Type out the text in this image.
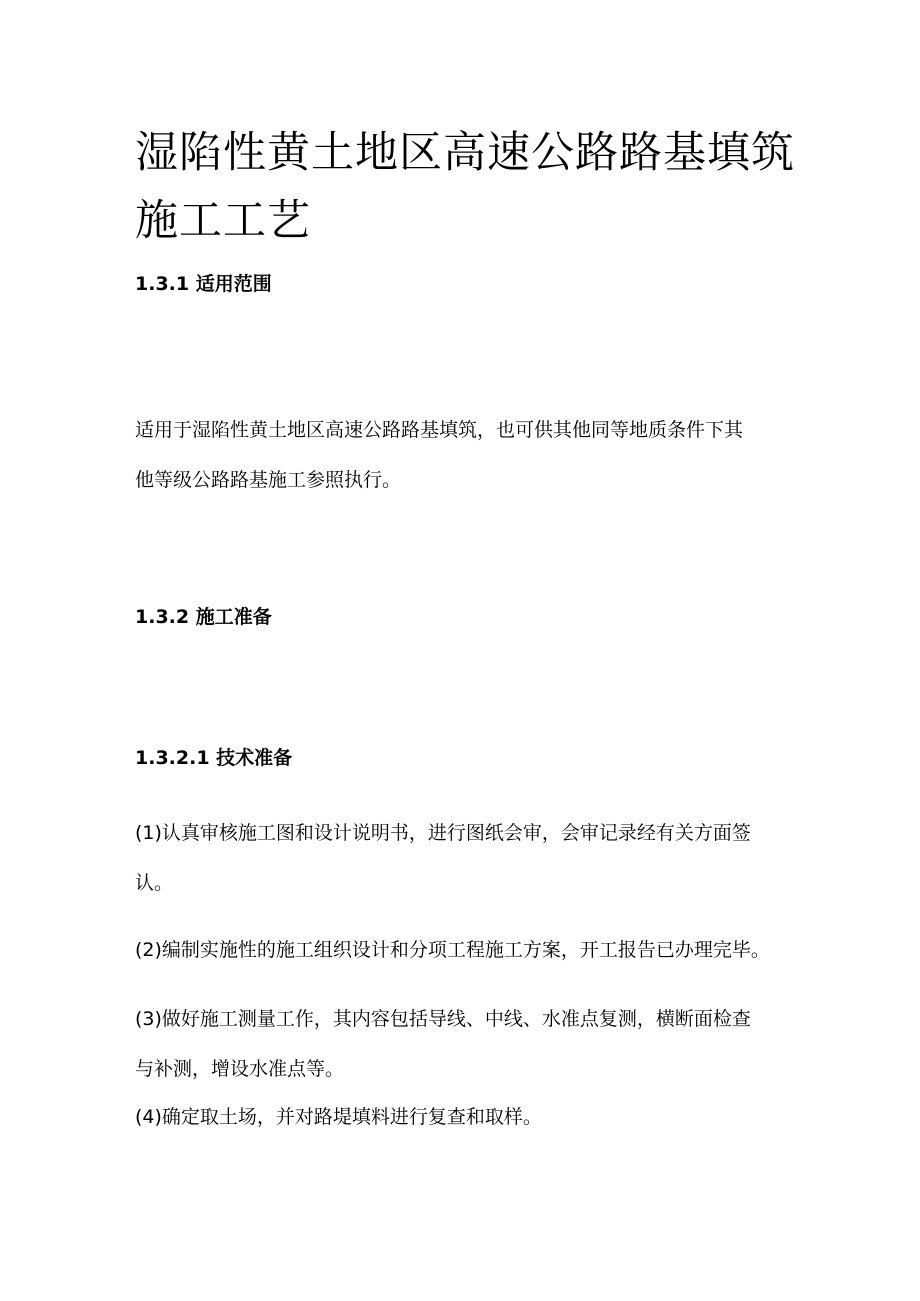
湿陷性黄土地区高速公路路基填筑
施工工艺
1.3.1 适用范围
适用于湿陷性黄土地区高速公路路基填筑，也可供其他同等地质条件下其
他等级公路路基施工参照执行。
1.3.2 施工准备
1.3.2.1 技术准备
(1)认真审核施工图和设计说明书，进行图纸会审，会审记录经有关方面签
认。
(2)编制实施性的施工组织设计和分项工程施工方案，开工报告已办理完毕。
(3)做好施工测量工作，其内容包括导线、中线、水准点复测，横断面检查
与补测，增设水准点等。
(4)确定取土场，并对路堤填料进行复查和取样。
